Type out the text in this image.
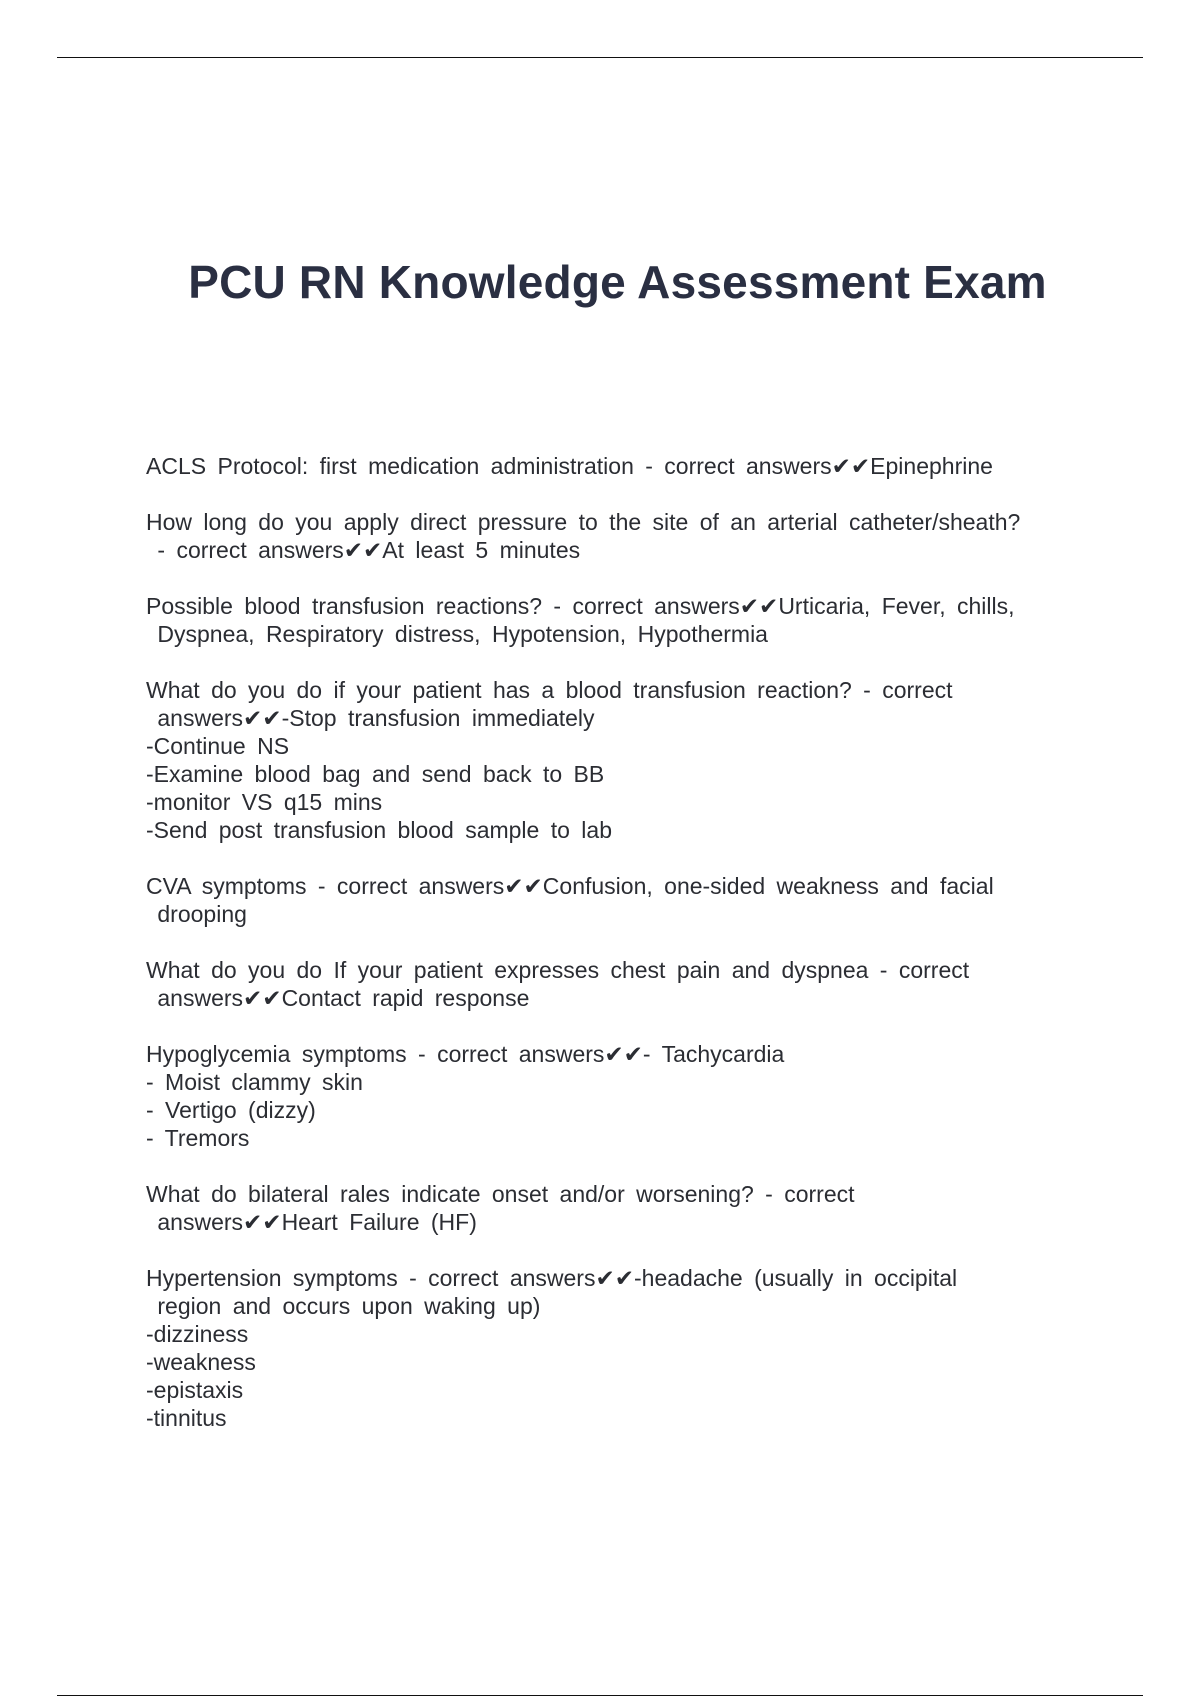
PCU RN Knowledge Assessment Exam
ACLS Protocol: first medication administration - correct answers✔✔Epinephrine
How long do you apply direct pressure to the site of an arterial catheter/sheath?
- correct answers✔✔At least 5 minutes
Possible blood transfusion reactions? - correct answers✔✔Urticaria, Fever, chills,
Dyspnea, Respiratory distress, Hypotension, Hypothermia
What do you do if your patient has a blood transfusion reaction? - correct
answers✔✔-Stop transfusion immediately
-Continue NS
-Examine blood bag and send back to BB
-monitor VS q15 mins
-Send post transfusion blood sample to lab
CVA symptoms - correct answers✔✔Confusion, one-sided weakness and facial
drooping
What do you do If your patient expresses chest pain and dyspnea - correct
answers✔✔Contact rapid response
Hypoglycemia symptoms - correct answers✔✔- Tachycardia
- Moist clammy skin
- Vertigo (dizzy)
- Tremors
What do bilateral rales indicate onset and/or worsening? - correct
answers✔✔Heart Failure (HF)
Hypertension symptoms - correct answers✔✔-headache (usually in occipital
region and occurs upon waking up)
-dizziness
-weakness
-epistaxis
-tinnitus
